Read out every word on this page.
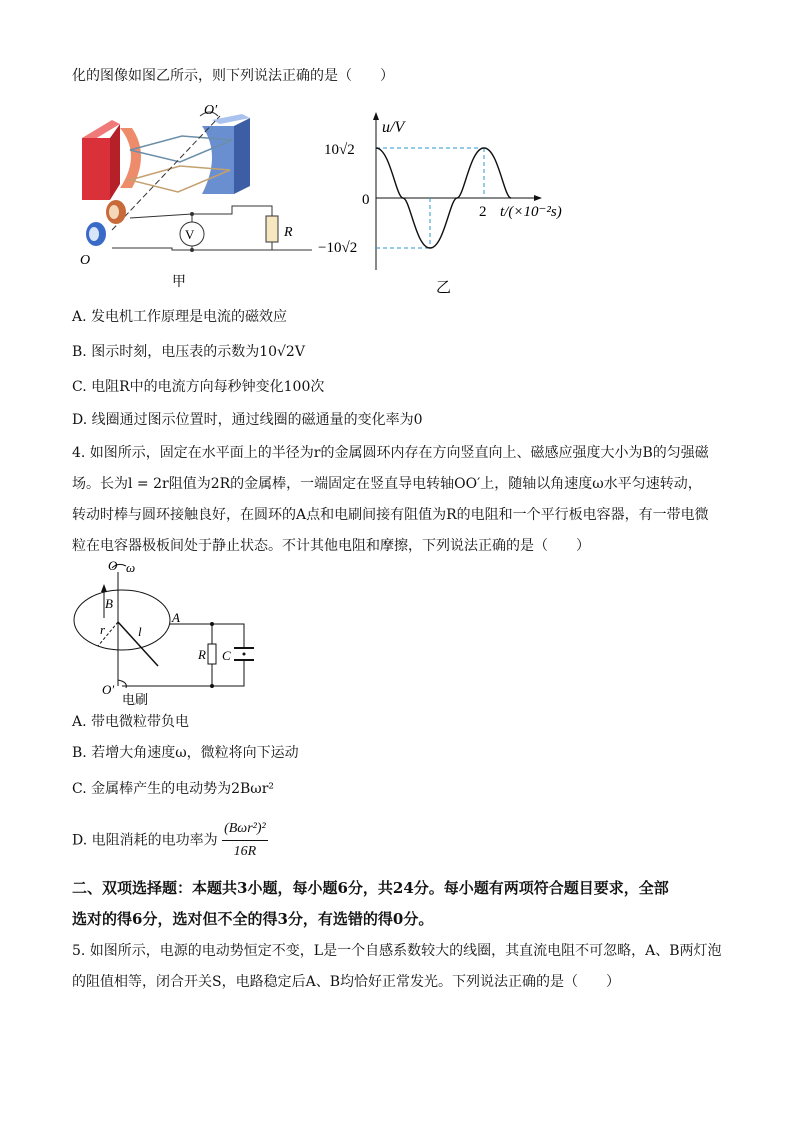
化的图像如图乙所示，则下列说法正确的是（　　）
O′
O
V	R
甲
u/V
10√2
−10√2
0
2 t/(×10⁻²s)
乙
A. 发电机工作原理是电流的磁效应
B. 图示时刻，电压表的示数为10√2V
C. 电阻R中的电流方向每秒钟变化100次
D. 线圈通过图示位置时，通过线圈的磁通量的变化率为0
4. 如图所示，固定在水平面上的半径为r的金属圆环内存在方向竖直向上、磁感应强度大小为B的匀强磁
场。长为l = 2r阻值为2R的金属棒，一端固定在竖直导电转轴OO′上，随轴以角速度ω水平匀速转动，
转动时棒与圆环接触良好，在圆环的A点和电刷间接有阻值为R的电阻和一个平行板电容器，有一带电微
粒在电容器极板间处于静止状态。不计其他电阻和摩擦，下列说法正确的是（　　）
O ω
B
r	l
A
R C
O′
电刷
A. 带电微粒带负电
B. 若增大角速度ω，微粒将向下运动
C. 金属棒产生的电动势为2Bωr²
D. 电阻消耗的电功率为 $\frac{\text{(Bωr²)²}}{16R}$
二、双项选择题：本题共3小题，每小题6分，共24分。每小题有两项符合题目要求，全部
选对的得6分，选对但不全的得3分，有选错的得0分。
5. 如图所示，电源的电动势恒定不变，L是一个自感系数较大的线圈，其直流电阻不可忽略，A、B两灯泡
的阻值相等，闭合开关S，电路稳定后A、B均恰好正常发光。下列说法正确的是（　　）
